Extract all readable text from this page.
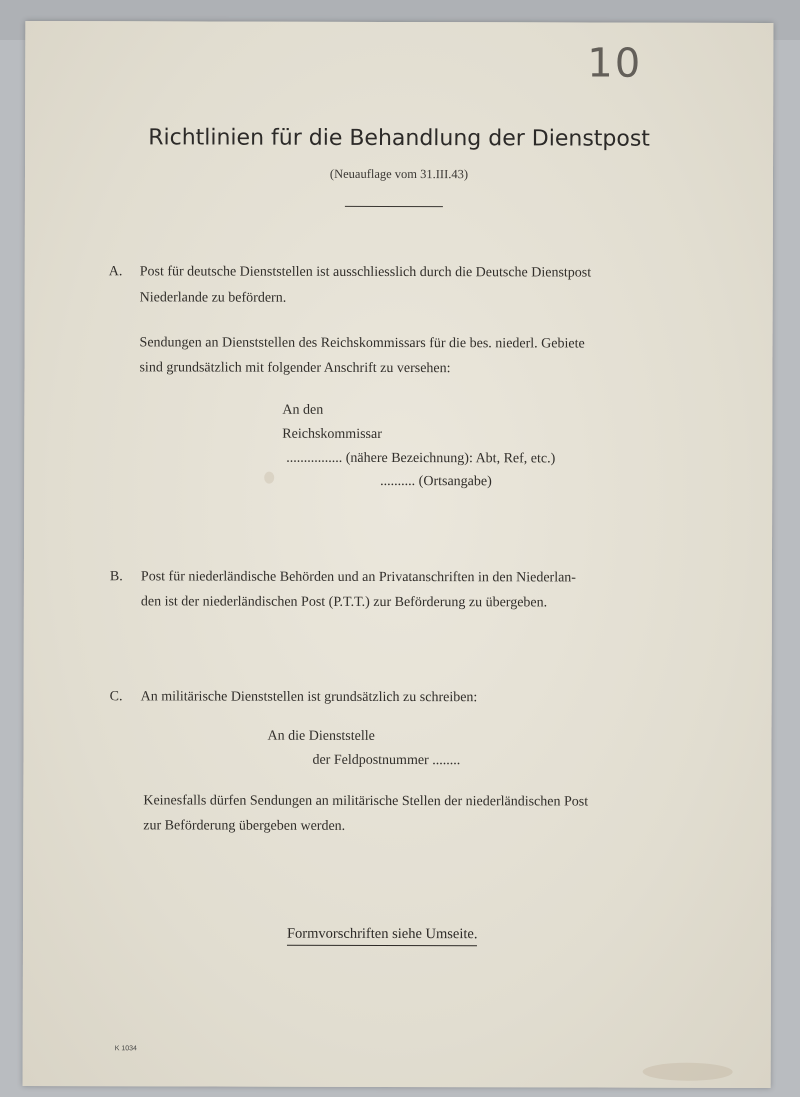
10
Richtlinien für die Behandlung der Dienstpost
(Neuauflage vom 31.III.43)
A. Post für deutsche Dienststellen ist ausschliesslich durch die Deutsche Dienstpost
Niederlande zu befördern.
Sendungen an Dienststellen des Reichskommissars für die bes. niederl. Gebiete
sind grundsätzlich mit folgender Anschrift zu versehen:
An den
Reichskommissar
................ (nähere Bezeichnung): Abt, Ref, etc.)
.......... (Ortsangabe)
B. Post für niederländische Behörden und an Privatanschriften in den Niederlan-
den ist der niederländischen Post (P.T.T.) zur Beförderung zu übergeben.
C. An militärische Dienststellen ist grundsätzlich zu schreiben:
An die Dienststelle
der Feldpostnummer ........
Keinesfalls dürfen Sendungen an militärische Stellen der niederländischen Post
zur Beförderung übergeben werden.
Formvorschriften siehe Umseite.
K 1034
